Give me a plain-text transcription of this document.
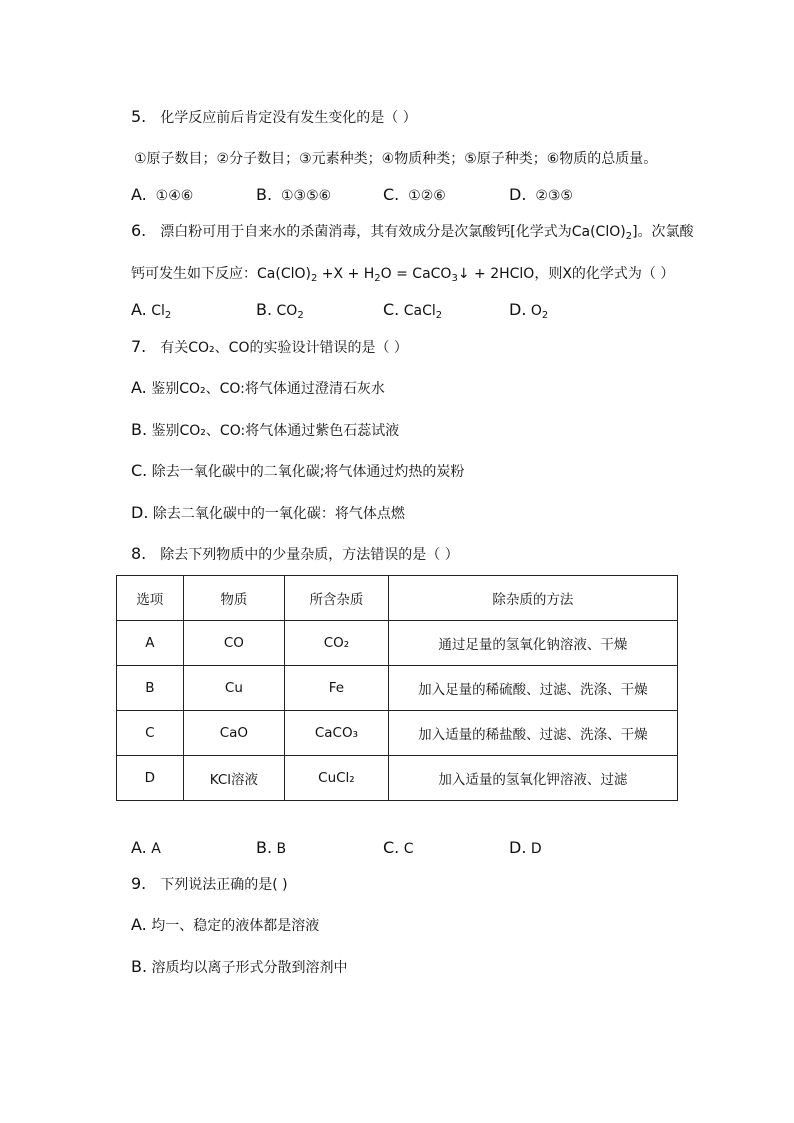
5. 化学反应前后肯定没有发生变化的是（ ）
①原子数目；②分子数目；③元素种类；④物质种类；⑤原子种类；⑥物质的总质量。
A. ①④⑥	B. ①③⑤⑥	C. ①②⑥	D. ②③⑤
6. 漂白粉可用于自来水的杀菌消毒，其有效成分是次氯酸钙[化学式为$Ca(ClO)_2$]。次氯酸
钙可发生如下反应：$Ca(ClO)_2 +X + H_2O$ = CaCO$_3$↓ + 2HClO，则X的化学式为（ ）
A. $Cl_2$	B. $CO_2$	C. CaCl$_2$	D. $O_2$
7. 有关CO₂、CO的实验设计错误的是（ ）
A. 鉴别CO₂、CO:将气体通过澄清石灰水
B. 鉴别CO₂、CO:将气体通过紫色石蕊试液
C. 除去一氧化碳中的二氧化碳;将气体通过灼热的炭粉
D. 除去二氧化碳中的一氧化碳：将气体点燃
8. 除去下列物质中的少量杂质，方法错误的是（ ）
选项	物质	所含杂质	除杂质的方法
A	CO	CO₂	通过足量的氢氧化钠溶液、干燥
B	Cu	Fe	加入足量的稀硫酸、过滤、洗涤、干燥
C	CaO	CaCO₃	加入适量的稀盐酸、过滤、洗涤、干燥
D	KCl溶液	CuCl₂	加入适量的氢氧化钾溶液、过滤
A. A	B. B	C. C	D. D
9. 下列说法正确的是( )
A. 均一、稳定的液体都是溶液
B. 溶质均以离子形式分散到溶剂中
